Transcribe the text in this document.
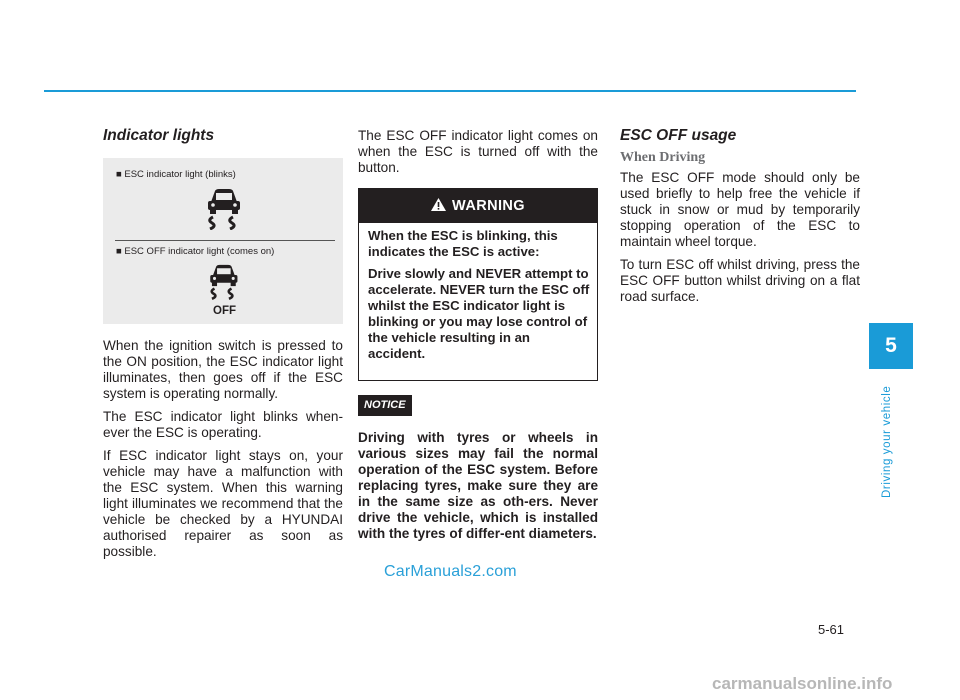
Indicator lights
■ ESC indicator light (blinks)
■ ESC OFF indicator light (comes on)
OFF

When the ignition switch is pressed to the ON position, the ESC indicator light illuminates, then goes off if the ESC system is operating normally.

The ESC indicator light blinks when-ever the ESC is operating.

If ESC indicator light stays on, your vehicle may have a malfunction with the ESC system. When this warning light illuminates we recommend that the vehicle be checked by a HYUNDAI authorised repairer as soon as possible.

The ESC OFF indicator light comes on when the ESC is turned off with the button.

WARNING

When the ESC is blinking, this indicates the ESC is active:

Drive slowly and NEVER attempt to accelerate. NEVER turn the ESC off whilst the ESC indicator light is blinking or you may lose control of the vehicle resulting in an accident.

NOTICE

Driving with tyres or wheels in various sizes may fail the normal operation of the ESC system. Before replacing tyres, make sure they are in the same size as oth-ers. Never drive the vehicle, which is installed with the tyres of differ-ent diameters.

ESC OFF usage
When Driving

The ESC OFF mode should only be used briefly to help free the vehicle if stuck in snow or mud by temporarily stopping operation of the ESC to maintain wheel torque.

To turn ESC off whilst driving, press the ESC OFF button whilst driving on a flat road surface.

5
Driving your vehicle
5-61
CarManuals2.com
carmanualsonline.info
